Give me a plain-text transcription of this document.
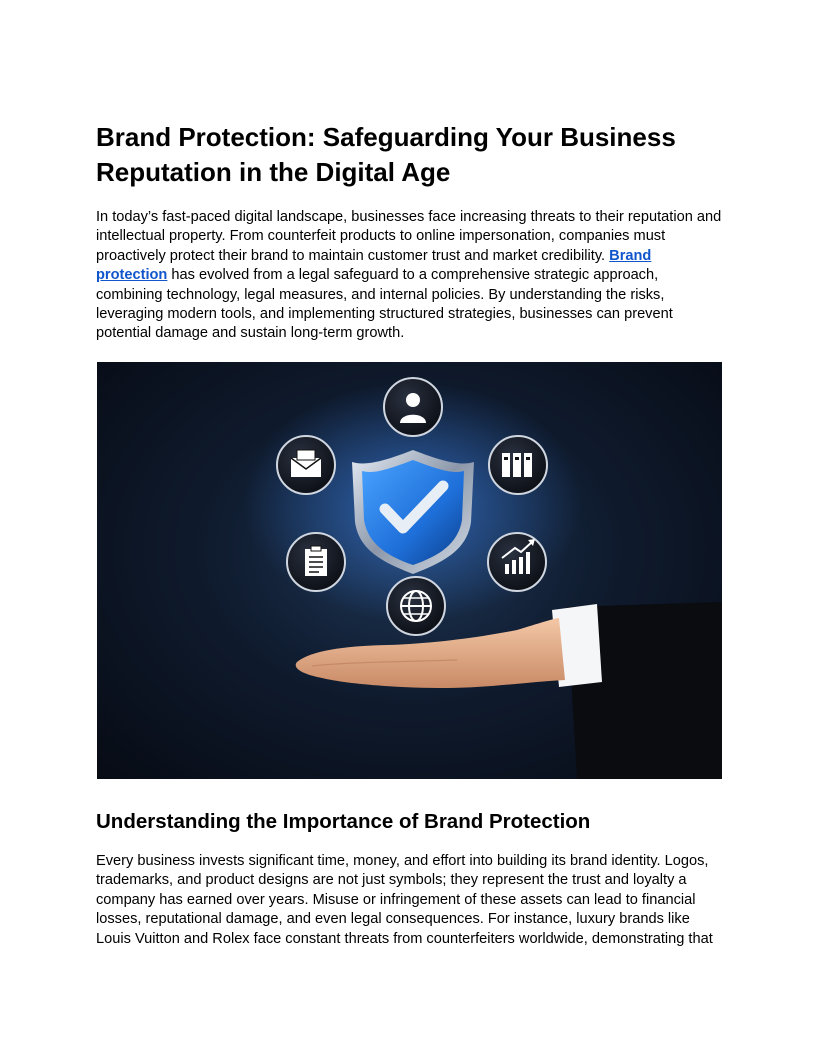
Brand Protection: Safeguarding Your Business Reputation in the Digital Age

In today’s fast-paced digital landscape, businesses face increasing threats to their reputation and intellectual property. From counterfeit products to online impersonation, companies must proactively protect their brand to maintain customer trust and market credibility. Brand protection has evolved from a legal safeguard to a comprehensive strategic approach, combining technology, legal measures, and internal policies. By understanding the risks, leveraging modern tools, and implementing structured strategies, businesses can prevent potential damage and sustain long-term growth.

Understanding the Importance of Brand Protection

Every business invests significant time, money, and effort into building its brand identity. Logos, trademarks, and product designs are not just symbols; they represent the trust and loyalty a company has earned over years. Misuse or infringement of these assets can lead to financial losses, reputational damage, and even legal consequences. For instance, luxury brands like Louis Vuitton and Rolex face constant threats from counterfeiters worldwide, demonstrating that
